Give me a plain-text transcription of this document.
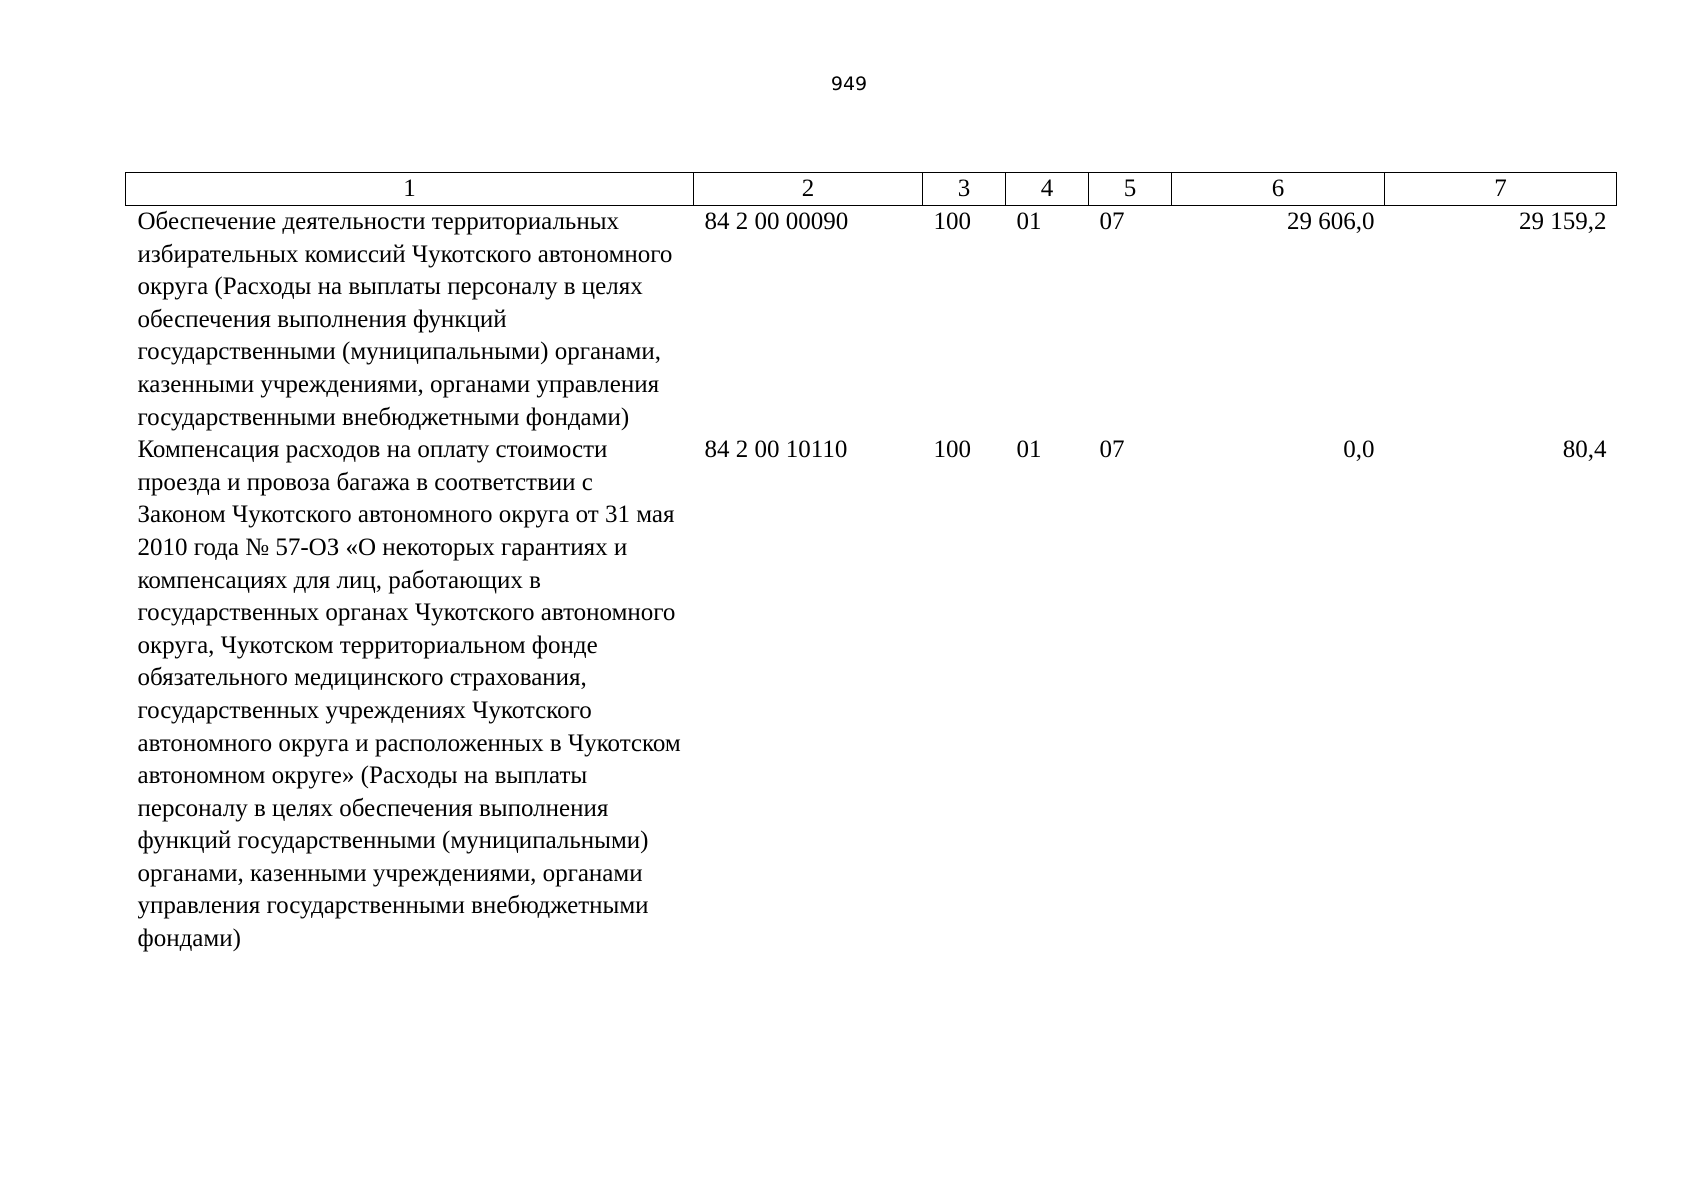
949
1	2	3	4	5	6	7
Обеспечение деятельности территориальных избирательных комиссий Чукотского автономного округа (Расходы на выплаты персоналу в целях обеспечения выполнения функций государственными (муниципальными) органами, казенными учреждениями, органами управления государственными внебюджетными фондами)	84 2 00 00090	100	01	07	29 606,0	29 159,2
Компенсация расходов на оплату стоимости проезда и провоза багажа в соответствии с Законом Чукотского автономного округа от 31 мая 2010 года № 57-ОЗ «О некоторых гарантиях и компенсациях для лиц, работающих в государственных органах Чукотского автономного округа, Чукотском территориальном фонде обязательного медицинского страхования, государственных учреждениях Чукотского автономного округа и расположенных в Чукотском автономном округе» (Расходы на выплаты персоналу в целях обеспечения выполнения функций государственными (муниципальными) органами, казенными учреждениями, органами управления государственными внебюджетными фондами)	84 2 00 10110	100	01	07	0,0	80,4
